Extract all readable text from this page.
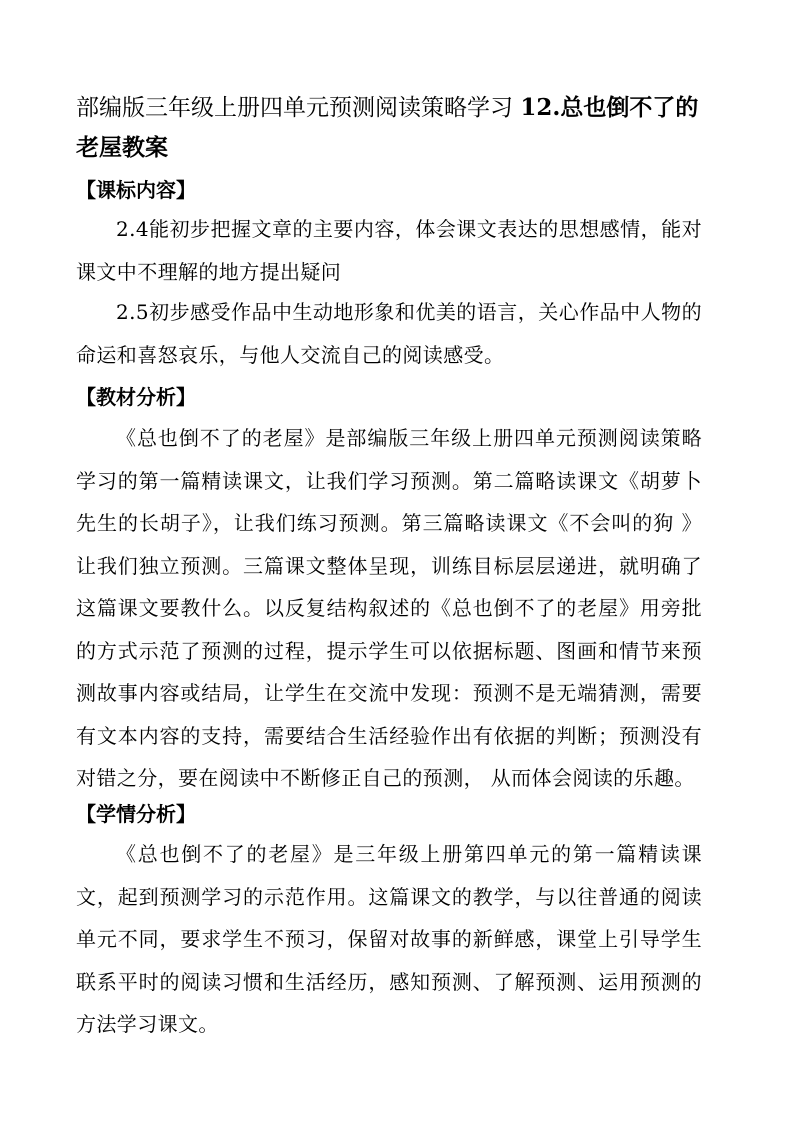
部编版三年级上册四单元预测阅读策略学习 12.总也倒不了的老屋教案
【课标内容】

2.4能初步把握文章的主要内容，体会课文表达的思想感情，能对课文中不理解的地方提出疑问

2.5初步感受作品中生动地形象和优美的语言，关心作品中人物的命运和喜怒哀乐，与他人交流自己的阅读感受。

【教材分析】

《总也倒不了的老屋》是部编版三年级上册四单元预测阅读策略学习的第一篇精读课文，让我们学习预测。第二篇略读课文《胡萝卜先生的长胡子》，让我们练习预测。第三篇略读课文《不会叫的狗 》让我们独立预测。三篇课文整体呈现，训练目标层层递进，就明确了这篇课文要教什么。以反复结构叙述的《总也倒不了的老屋》用旁批的方式示范了预测的过程，提示学生可以依据标题、图画和情节来预测故事内容或结局，让学生在交流中发现：预测不是无端猜测，需要有文本内容的支持，需要结合生活经验作出有依据的判断；预测没有对错之分，要在阅读中不断修正自己的预测， 从而体会阅读的乐趣。

【学情分析】

《总也倒不了的老屋》是三年级上册第四单元的第一篇精读课文，起到预测学习的示范作用。这篇课文的教学，与以往普通的阅读单元不同，要求学生不预习，保留对故事的新鲜感，课堂上引导学生联系平时的阅读习惯和生活经历，感知预测、了解预测、运用预测的方法学习课文。
